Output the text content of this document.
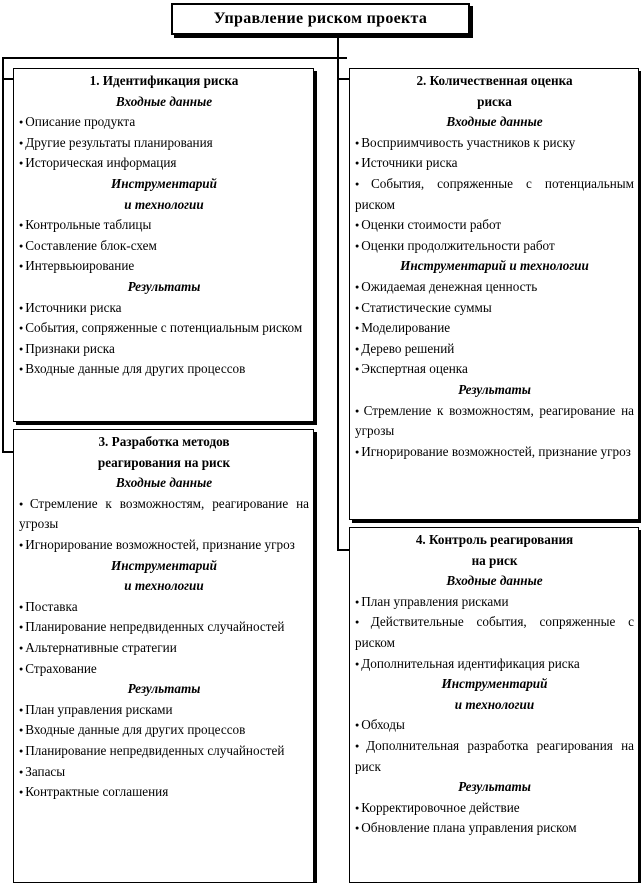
Управление риском проекта
1. Идентификация риска
Входные данные
● Описание продукта
● Другие результаты планирования
● Историческая информация
Инструментарий
и технологии
● Контрольные таблицы
● Составление блок-схем
● Интервьюирование
Результаты
● Источники риска
● События, сопряженные с потенциальным риском
● Признаки риска
● Входные данные для других процессов
2. Количественная оценка
риска
Входные данные
● Восприимчивость участников к риску
● Источники риска
● События, сопряженные с потенциальным риском
● Оценки стоимости работ
● Оценки продолжительности работ
Инструментарий и технологии
● Ожидаемая денежная ценность
● Статистические суммы
● Моделирование
● Дерево решений
● Экспертная оценка
Результаты
● Стремление к возможностям, реагирование на угрозы
● Игнорирование возможностей, признание угроз
3. Разработка методов
реагирования на риск
Входные данные
● Стремление к возможностям, реагирование на угрозы
● Игнорирование возможностей, признание угроз
Инструментарий
и технологии
● Поставка
● Планирование непредвиденных случайностей
● Альтернативные стратегии
● Страхование
Результаты
● План управления рисками
● Входные данные для других процессов
● Планирование непредвиденных случайностей
● Запасы
● Контрактные соглашения
4. Контроль реагирования
на риск
Входные данные
● План управления рисками
● Действительные события, сопряженные с риском
● Дополнительная идентификация риска
Инструментарий
и технологии
● Обходы
● Дополнительная разработка реагирования на риск
Результаты
● Корректировочное действие
● Обновление плана управления риском
